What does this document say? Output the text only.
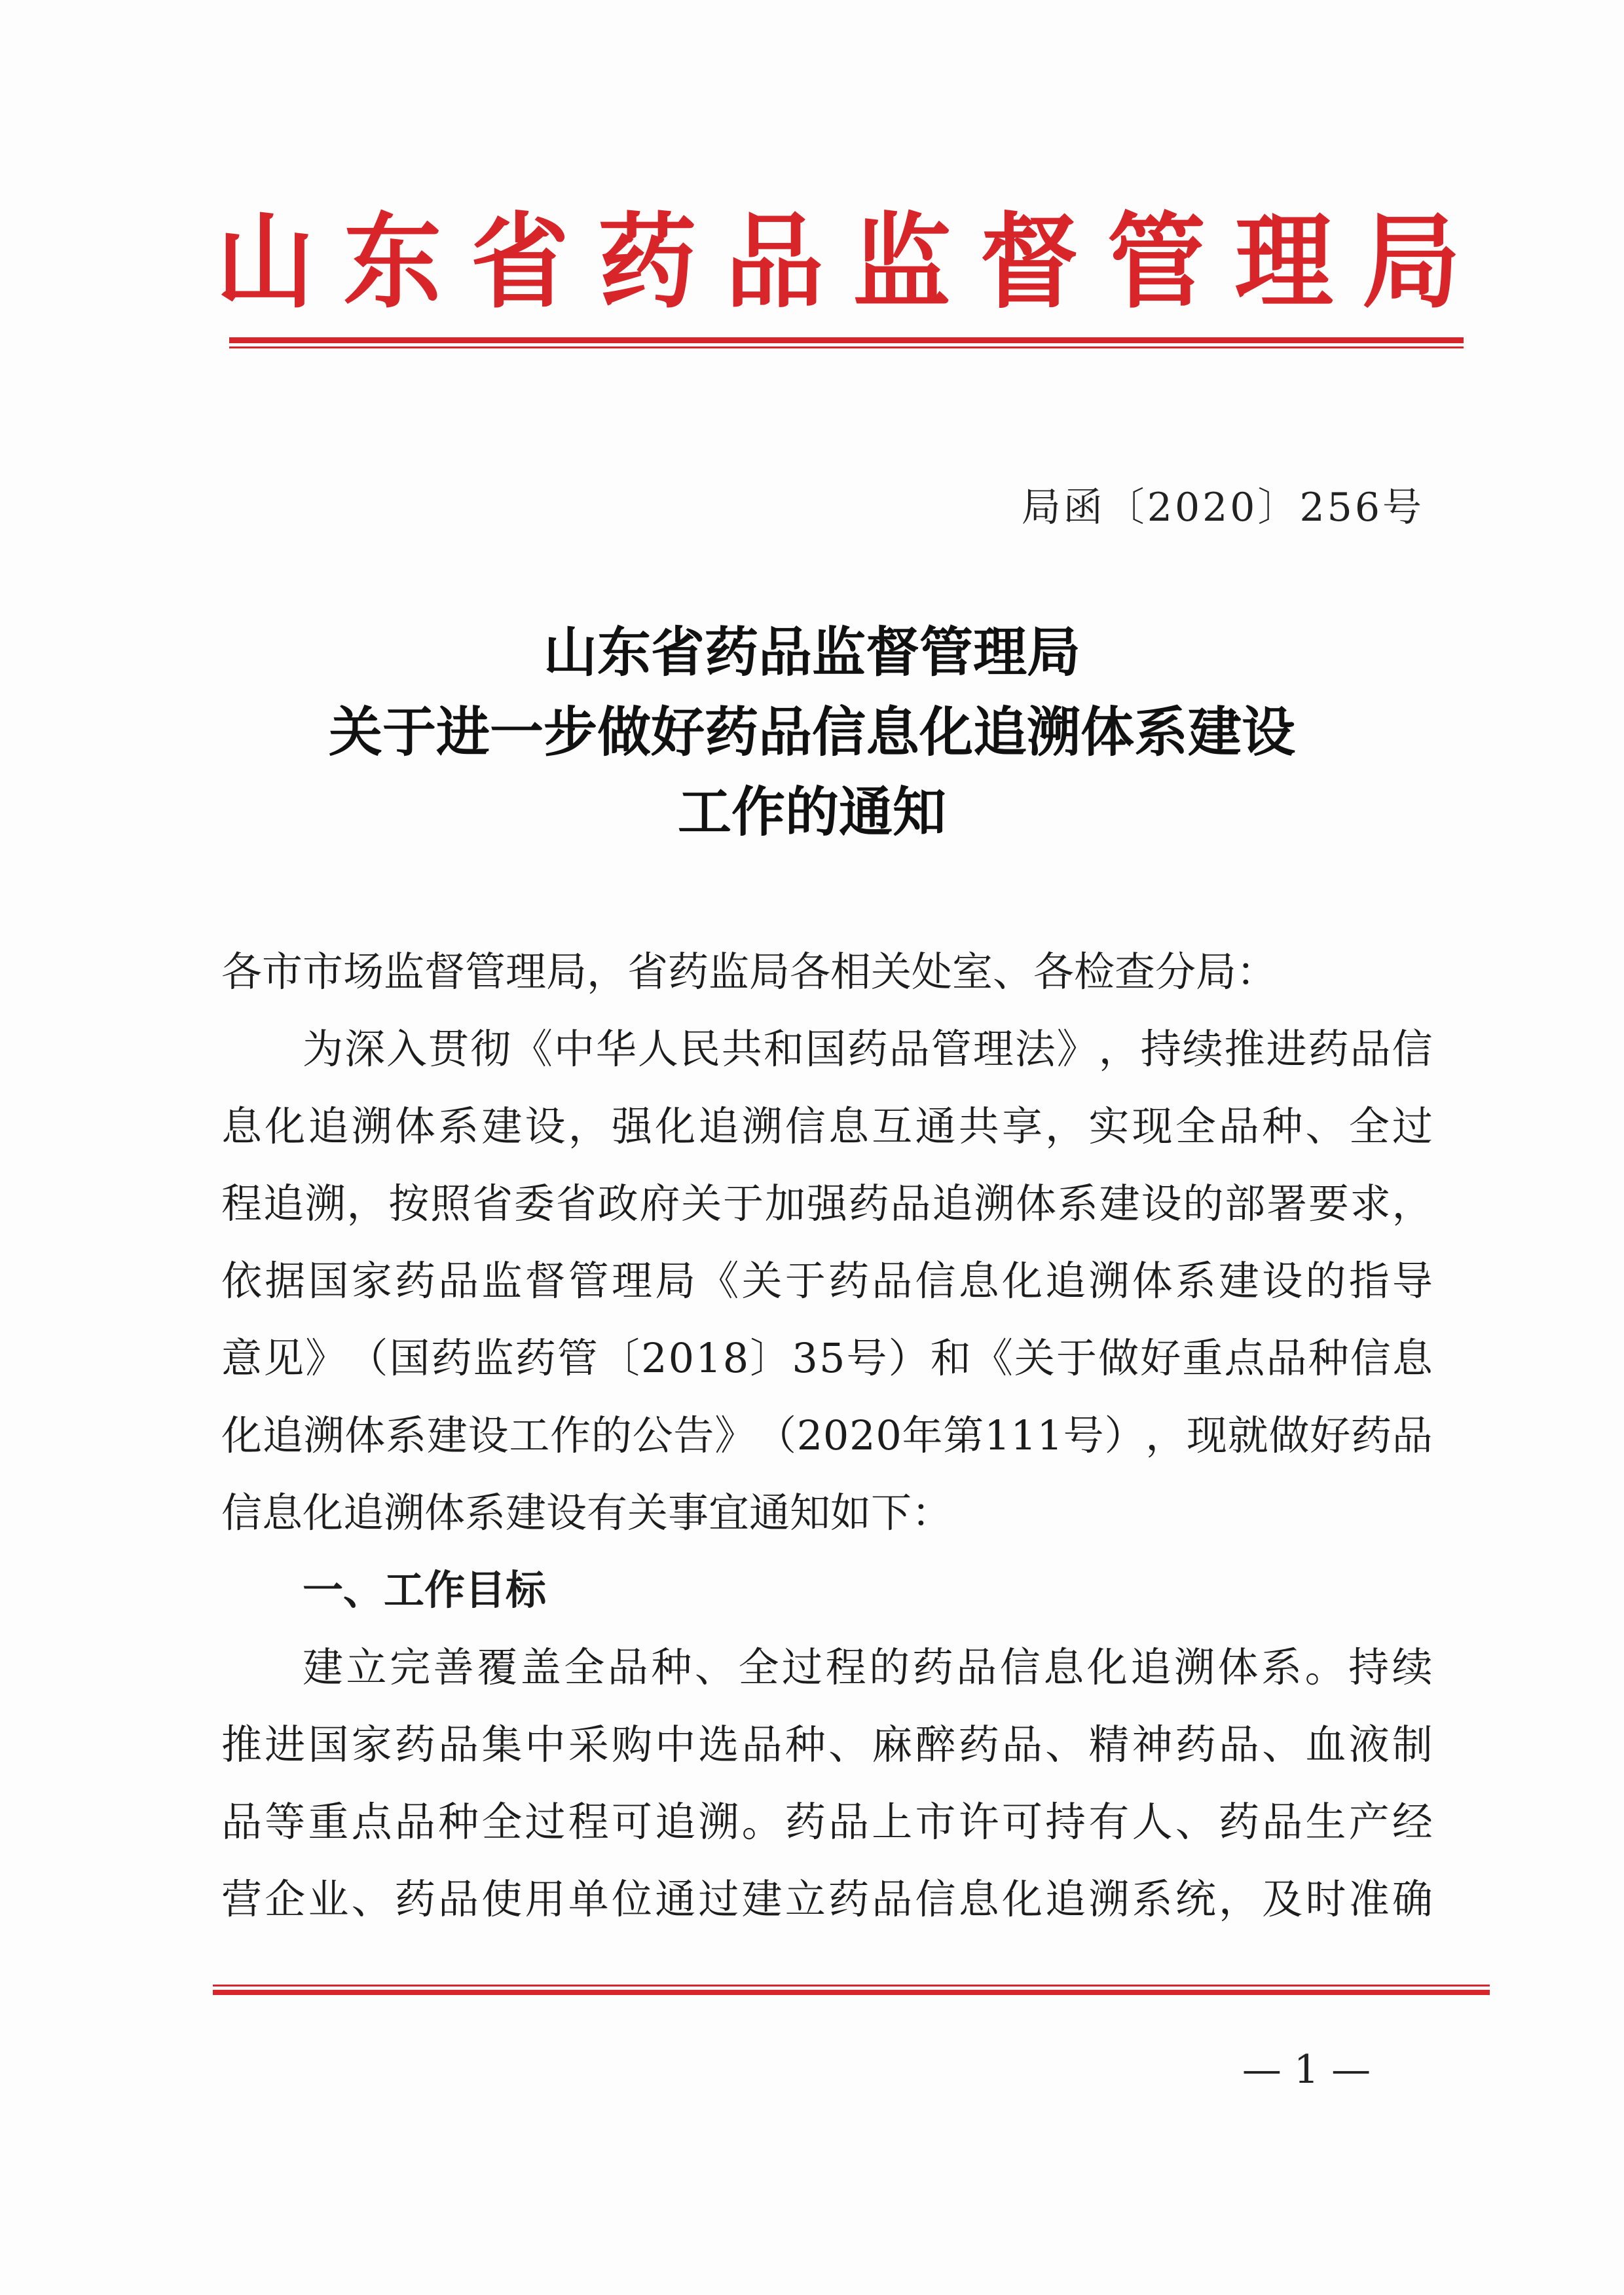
山 东 省 药 品 监 督 管 理 局
局函〔2020〕256号
山东省药品监督管理局
关于进一步做好药品信息化追溯体系建设
工作的通知
各市市场监督管理局，省药监局各相关处室、各检查分局：
为 深 入 贯 彻 《 中 华 人 民 共 和 国 药 品 管 理 法 》 ， 持 续 推 进 药 品 信
息 化 追 溯 体 系 建 设 ， 强 化 追 溯 信 息 互 通 共 享 ， 实 现 全 品 种 、 全 过
程 追 溯 ， 按 照 省 委 省 政 府 关 于 加 强 药 品 追 溯 体 系 建 设 的 部 署 要 求 ，
依 据 国 家 药 品 监 督 管 理 局 《 关 于 药 品 信 息 化 追 溯 体 系 建 设 的 指 导
意 见 》 （ 国 药 监 药 管 〔 2 0 1 8 〕 3 5 号 ） 和 《 关 于 做 好 重 点 品 种 信 息
化 追 溯 体 系 建 设 工 作 的 公 告 》 （ 2 0 2 0 年 第 1 1 1 号 ） ， 现 就 做 好 药 品
信息化追溯体系建设有关事宜通知如下：
一、工作目标
建 立 完 善 覆 盖 全 品 种 、 全 过 程 的 药 品 信 息 化 追 溯 体 系 。 持 续
推 进 国 家 药 品 集 中 采 购 中 选 品 种 、 麻 醉 药 品 、 精 神 药 品 、 血 液 制
品 等 重 点 品 种 全 过 程 可 追 溯 。 药 品 上 市 许 可 持 有 人 、 药 品 生 产 经
营 企 业 、 药 品 使 用 单 位 通 过 建 立 药 品 信 息 化 追 溯 系 统 ， 及 时 准 确
— 1 —
